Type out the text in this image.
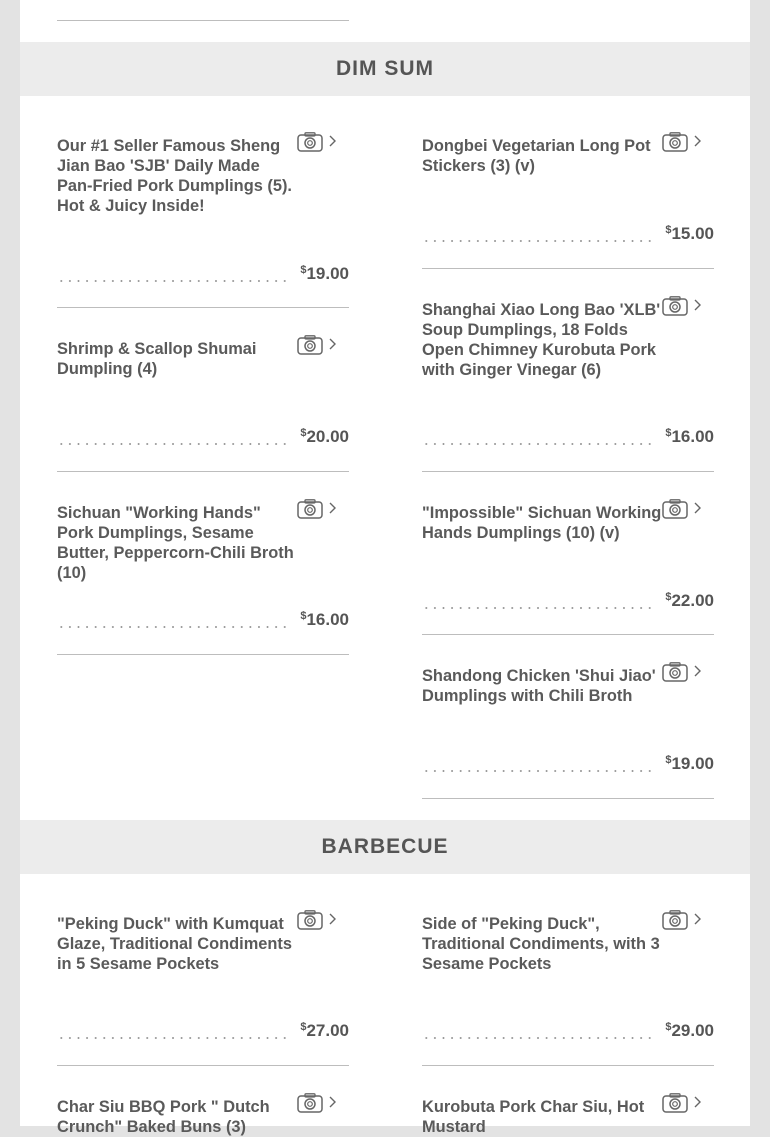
DIM SUM
Our #1 Seller Famous Sheng Jian Bao 'SJB' Daily Made Pan-Fried Pork Dumplings (5). Hot & Juicy Inside!
$19.00
Dongbei Vegetarian Long Pot Stickers (3) (v)
$15.00
Shrimp & Scallop Shumai Dumpling (4)
$20.00
Shanghai Xiao Long Bao 'XLB' Soup Dumplings, 18 Folds Open Chimney Kurobuta Pork with Ginger Vinegar (6)
$16.00
Sichuan "Working Hands" Pork Dumplings, Sesame Butter, Peppercorn-Chili Broth (10)
$16.00
"Impossible" Sichuan Working Hands Dumplings (10) (v)
$22.00
Shandong Chicken 'Shui Jiao' Dumplings with Chili Broth
$19.00
BARBECUE
"Peking Duck" with Kumquat Glaze, Traditional Condiments in 5 Sesame Pockets
$27.00
Side of "Peking Duck", Traditional Condiments, with 3 Sesame Pockets
$29.00
Char Siu BBQ Pork " Dutch Crunch" Baked Buns (3)
Kurobuta Pork Char Siu, Hot Mustard
